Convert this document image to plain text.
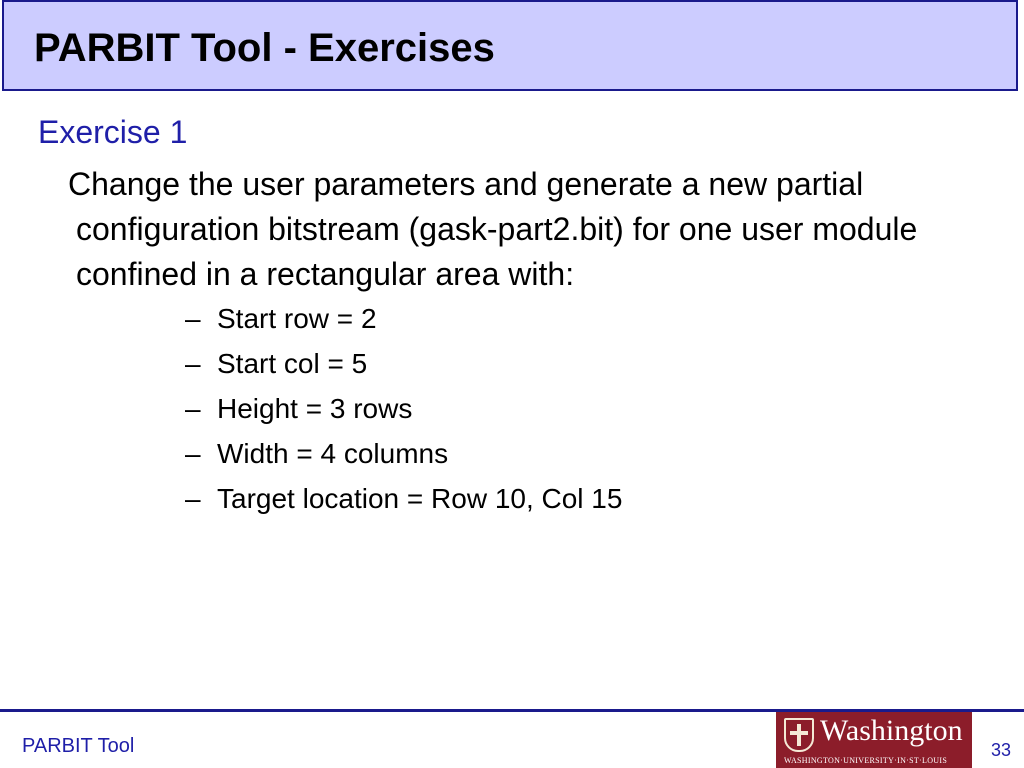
PARBIT Tool - Exercises
Exercise 1

Change the user parameters and generate a new partial configuration bitstream (gask-part2.bit) for one user module confined in a rectangular area with:

– Start row = 2
– Start col = 5
– Height = 3 rows
– Width = 4 columns
– Target location = Row 10, Col 15
PARBIT Tool	Washington
WASHINGTON·UNIVERSITY·IN·ST·LOUIS
33
